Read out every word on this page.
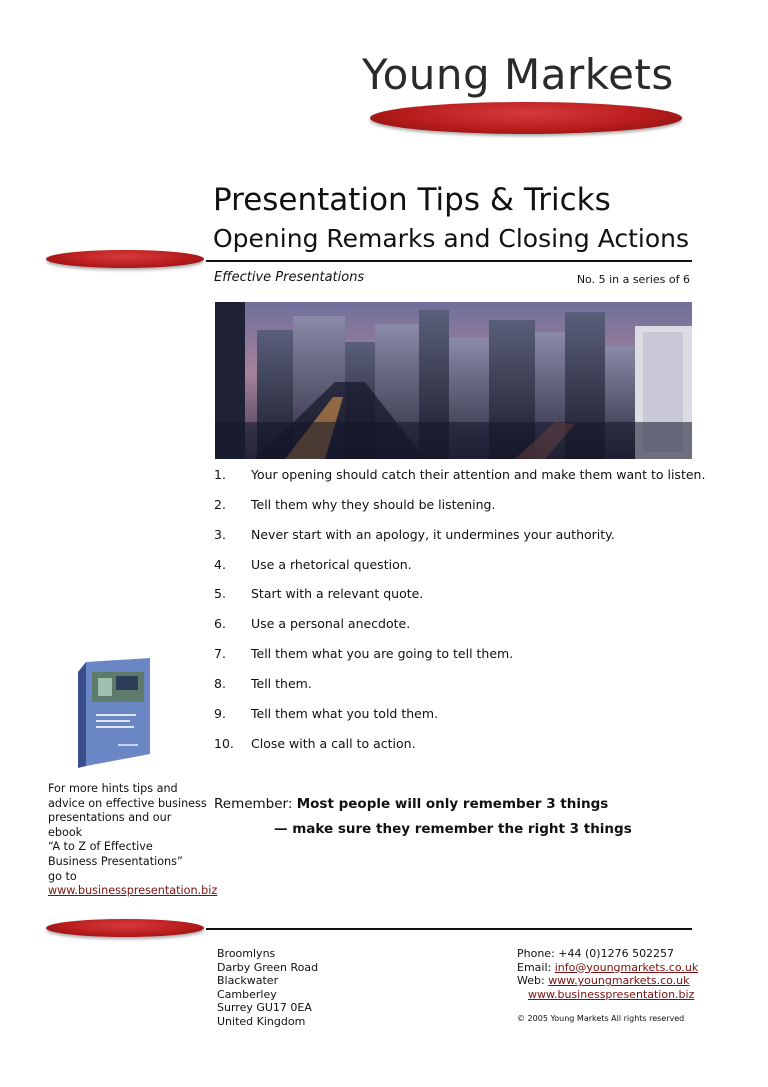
Young Markets
Presentation Tips & Tricks
Opening Remarks and Closing Actions
Effective Presentations	No. 5 in a series of 6
1. Your opening should catch their attention and make them want to listen.
2. Tell them why they should be listening.
3. Never start with an apology, it undermines your authority.
4. Use a rhetorical question.
5. Start with a relevant quote.
6. Use a personal anecdote.
7. Tell them what you are going to tell them.
8. Tell them.
9. Tell them what you told them.
10. Close with a call to action.
Remember: Most people will only remember 3 things
— make sure they remember the right 3 things
For more hints tips and
advice on effective business
presentations and our ebook
“A to Z of Effective
Business Presentations”
go to
www.businesspresentation.biz
Broomlyns
Darby Green Road
Blackwater
Camberley
Surrey GU17 0EA
United Kingdom
Phone: +44 (0)1276 502257
Email: info@youngmarkets.co.uk
Web: www.youngmarkets.co.uk
www.businesspresentation.biz
© 2005 Young Markets All rights reserved
